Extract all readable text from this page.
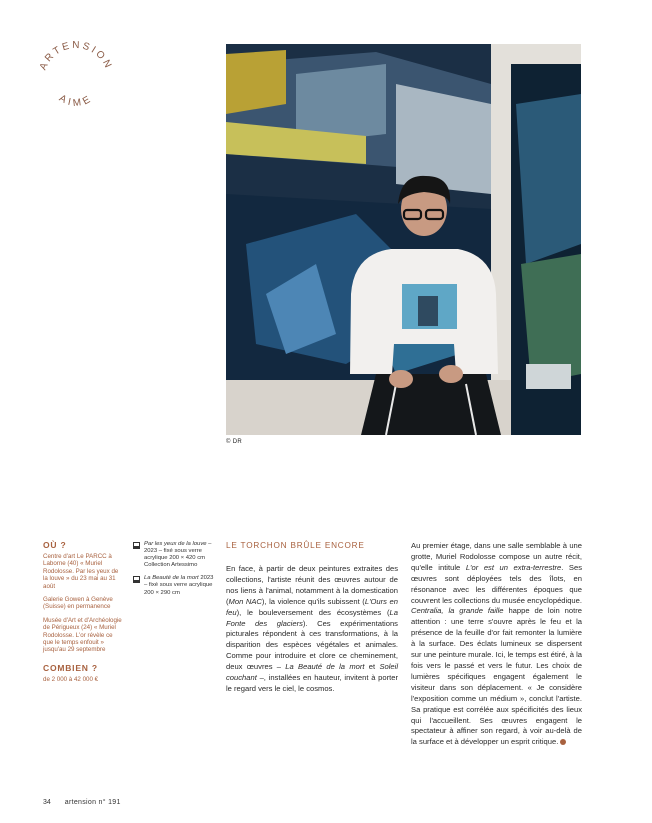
ARTENSION
AIME
© DR
OÙ ?

Centre d'art Le PARCC à Laborne (40) « Muriel Rodolosse. Par les yeux de la louve » du 23 mai au 31 août

Galerie Gowen à Genève (Suisse) en permanence

Musée d'Art et d'Archéologie de Périgueux (24) « Muriel Rodolosse. L'or révèle ce que le temps enfouit » jusqu'au 29 septembre

COMBIEN ?

de 2 000 à 42 000 €

Par les yeux de la louve – 2023 – fixé sous verre acrylique 200 × 420 cm Collection Artessimo
La Beauté de la mort 2023 – fixé sous verre acrylique 200 × 290 cm
LE TORCHON BRÛLE ENCORE
En face, à partir de deux peintures extraites des collections, l'artiste réunit des œuvres autour de nos liens à l'animal, notamment à la domestication (Mon NAC), la violence qu'ils subissent (L'Ours en feu), le bouleversement des écosystèmes (La Fonte des glaciers). Ces expérimentations picturales répondent à ces transformations, à la disparition des espèces végétales et animales. Comme pour introduire et clore ce cheminement, deux œuvres – La Beauté de la mort et Soleil couchant –, installées en hauteur, invitent à porter le regard vers le ciel, le cosmos.
Au premier étage, dans une salle semblable à une grotte, Muriel Rodolosse compose un autre récit, qu'elle intitule L'or est un extra-terrestre. Ses œuvres sont déployées tels des îlots, en résonance avec les différentes époques que couvrent les collections du musée encyclopédique. Centralia, la grande faille happe de loin notre attention : une terre s'ouvre après le feu et la présence de la feuille d'or fait remonter la lumière à la surface. Des éclats lumineux se dispersent sur une peinture murale. Ici, le temps est étiré, à la fois vers le passé et vers le futur. Les choix de lumières spécifiques engagent également le visiteur dans son déplacement. « Je considère l'exposition comme un médium », conclut l'artiste. Sa pratique est corrélée aux spécificités des lieux qui l'accueillent. Ses œuvres engagent le spectateur à affiner son regard, à voir au-delà de la surface et à développer un esprit critique.
34 artension n° 191
